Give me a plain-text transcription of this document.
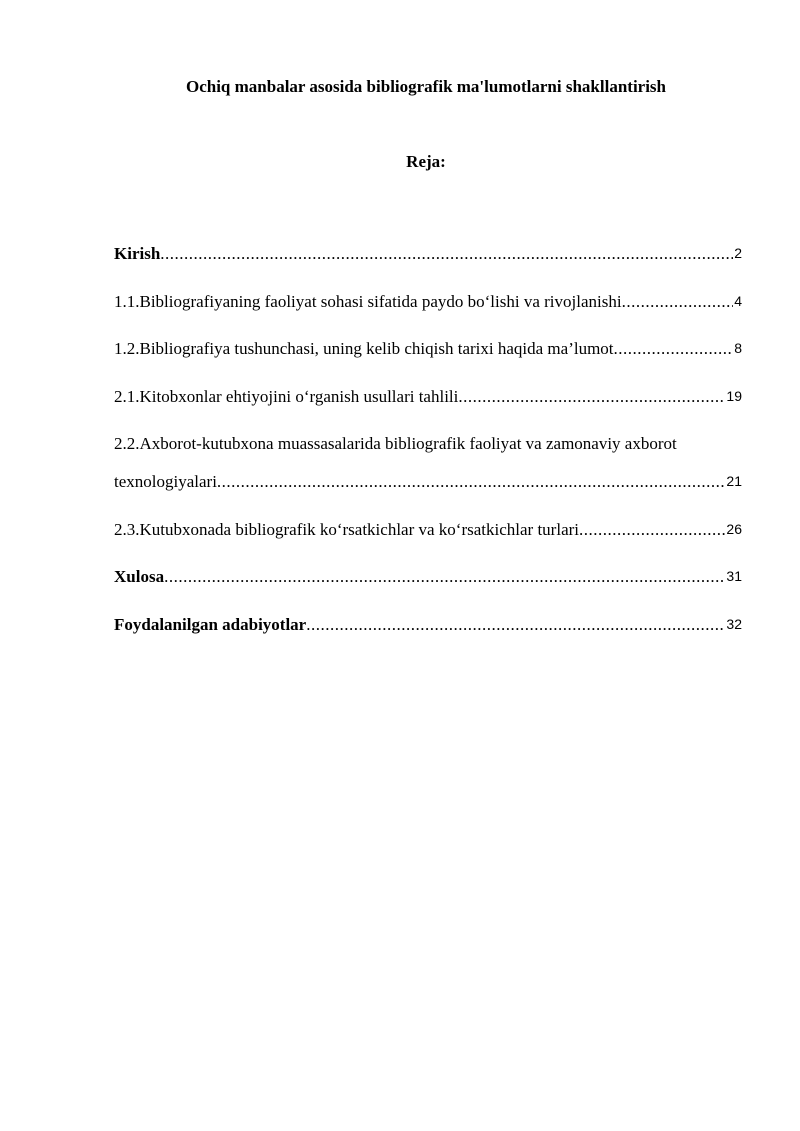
Ochiq manbalar asosida bibliografik ma'lumotlarni shakllantirish
Reja:
Kirish .....	2
1.1.Bibliografiyaning faoliyat sohasi sifatida paydo bo‘lishi va rivojlanishi .....	4
1.2.Bibliografiya tushunchasi, uning kelib chiqish tarixi haqida ma’lumot .....	8
2.1.Kitobxonlar ehtiyojini o‘rganish usullari tahlili .....	19
2.2.Axborot-kutubxona muassasalarida bibliografik faoliyat va zamonaviy axborot
texnologiyalari .....	21
2.3.Kutubxonada bibliografik ko‘rsatkichlar va ko‘rsatkichlar turlari .....	26
Xulosa .....	31
Foydalanilgan adabiyotlar .....	32
